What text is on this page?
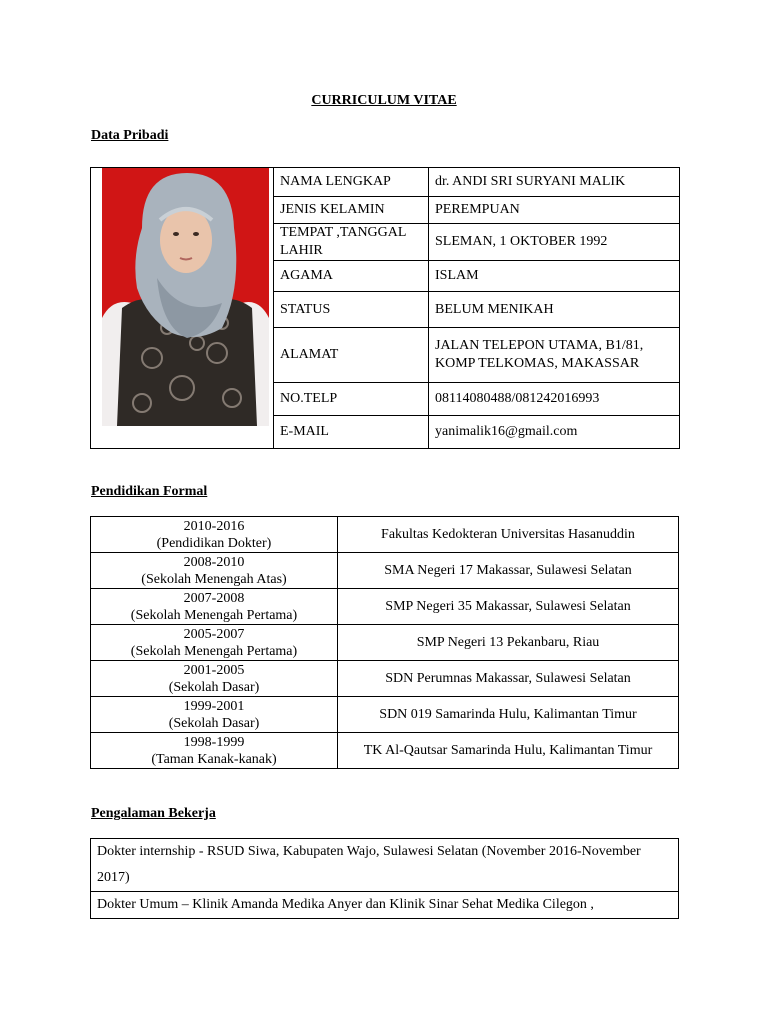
CURRICULUM VITAE
Data Pribadi
	NAMA LENGKAP	dr. ANDI SRI SURYANI MALIK
	JENIS KELAMIN	PEREMPUAN
	TEMPAT ,TANGGAL LAHIR	SLEMAN, 1 OKTOBER 1992
	AGAMA	ISLAM
	STATUS	BELUM MENIKAH
	ALAMAT	JALAN TELEPON UTAMA, B1/81, KOMP TELKOMAS, MAKASSAR
	NO.TELP	08114080488/081242016993
	E-MAIL	yanimalik16@gmail.com
Pendidikan Formal
2010-2016
(Pendidikan Dokter)	Fakultas Kedokteran Universitas Hasanuddin

2008-2010
(Sekolah Menengah Atas)	SMA Negeri 17 Makassar, Sulawesi Selatan

2007-2008
(Sekolah Menengah Pertama)	SMP Negeri 35 Makassar, Sulawesi Selatan

2005-2007
(Sekolah Menengah Pertama)	SMP Negeri 13 Pekanbaru, Riau

2001-2005
(Sekolah Dasar)	SDN Perumnas Makassar, Sulawesi Selatan

1999-2001
(Sekolah Dasar)	SDN 019 Samarinda Hulu, Kalimantan Timur

1998-1999
(Taman Kanak-kanak)	TK Al-Qautsar Samarinda Hulu, Kalimantan Timur
Pengalaman Bekerja
Dokter internship - RSUD Siwa, Kabupaten Wajo, Sulawesi Selatan (November 2016-November 2017)
Dokter Umum – Klinik Amanda Medika Anyer dan Klinik Sinar Sehat Medika Cilegon ,
